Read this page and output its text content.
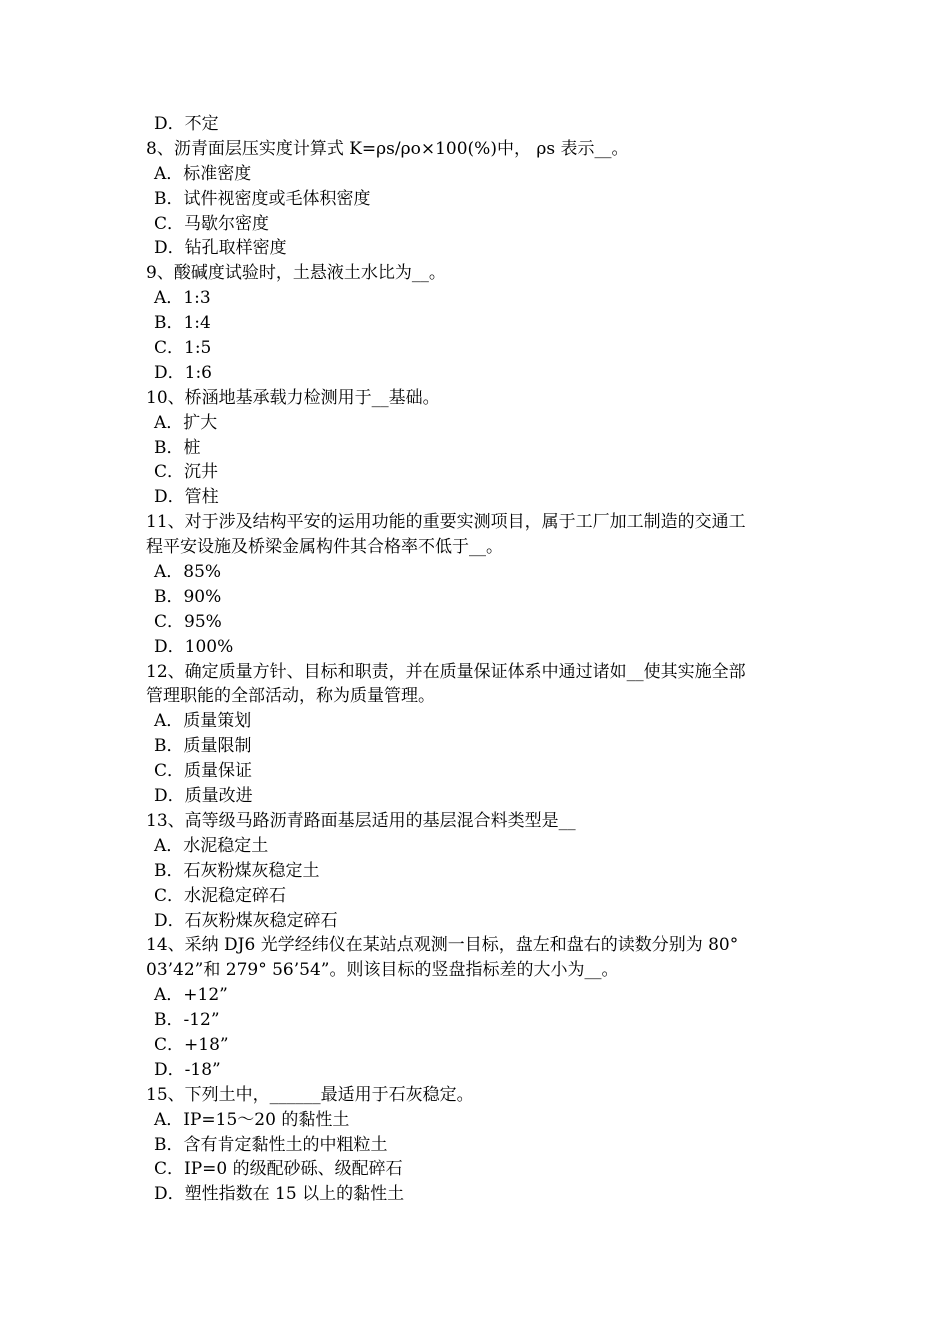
D．不定
8、沥青面层压实度计算式 K=ρs/ρo×100(%)中， ρs 表示__。
A．标准密度
B．试件视密度或毛体积密度
C．马歇尔密度
D．钻孔取样密度
9、酸碱度试验时，土悬液土水比为__。
A．1:3
B．1:4
C．1:5
D．1:6
10、桥涵地基承载力检测用于__基础。
A．扩大
B．桩
C．沉井
D．管柱
11、对于涉及结构平安的运用功能的重要实测项目，属于工厂加工制造的交通工
程平安设施及桥梁金属构件其合格率不低于__。
A．85%
B．90%
C．95%
D．100%
12、确定质量方针、目标和职责，并在质量保证体系中通过诸如__使其实施全部
管理职能的全部活动，称为质量管理。
A．质量策划
B．质量限制
C．质量保证
D．质量改进
13、高等级马路沥青路面基层适用的基层混合料类型是__
A．水泥稳定土
B．石灰粉煤灰稳定土
C．水泥稳定碎石
D．石灰粉煤灰稳定碎石
14、采纳 DJ6 光学经纬仪在某站点观测一目标，盘左和盘右的读数分别为 80°
03’42”和 279° 56’54”。则该目标的竖盘指标差的大小为__。
A．+12”
B．-12”
C．+18”
D．-18”
15、下列土中，______最适用于石灰稳定。
A．IP=15～20 的黏性土
B．含有肯定黏性土的中粗粒土
C．IP=0 的级配砂砾、级配碎石
D．塑性指数在 15 以上的黏性土
